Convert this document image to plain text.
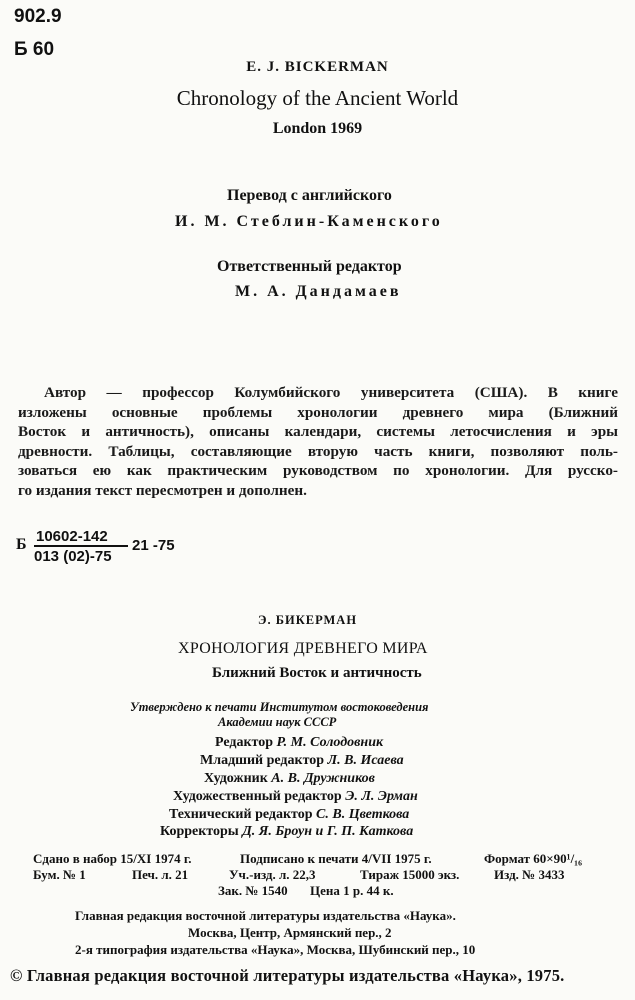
902.9
Б 60
E. J. BICKERMAN
Chronology of the Ancient World
London 1969
Перевод с английского
И. М. Стеблин-Каменского
Ответственный редактор
М. А. Дандамаев
Автор — профессор Колумбийского университета (США). В книге
изложены основные проблемы хронологии древнего мира (Ближний
Восток и античность), описаны календари, системы летосчисления и эры
древности. Таблицы, составляющие вторую часть книги, позволяют поль-
зоваться ею как практическим руководством по хронологии. Для русско-
го издания текст пересмотрен и дополнен.
Б 10602-142
013 (02)-75
21 -75
Э. БИКЕРМАН
ХРОНОЛОГИЯ ДРЕВНЕГО МИРА
Ближний Восток и античность
Утверждено к печати Институтом востоковедения
Академии наук СССР
Редактор Р. М. Солодовник
Младший редактор Л. В. Исаева
Художник А. В. Дружников
Художественный редактор Э. Л. Эрман
Технический редактор С. В. Цветкова
Корректоры Д. Я. Броун и Г. П. Каткова
Сдано в набор 15/XI 1974 г.	Подписано к печати 4/VII 1975 г.	Формат 60×90¹/₁₆
Бум. № 1	Печ. л. 21	Уч.-изд. л. 22,3	Тираж 15000 экз.	Изд. № 3433
Зак. № 1540 Цена 1 р. 44 к.
Главная редакция восточной литературы издательства «Наука».
Москва, Центр, Армянский пер., 2
2-я типография издательства «Наука», Москва, Шубинский пер., 10
© Главная редакция восточной литературы издательства «Наука», 1975.
